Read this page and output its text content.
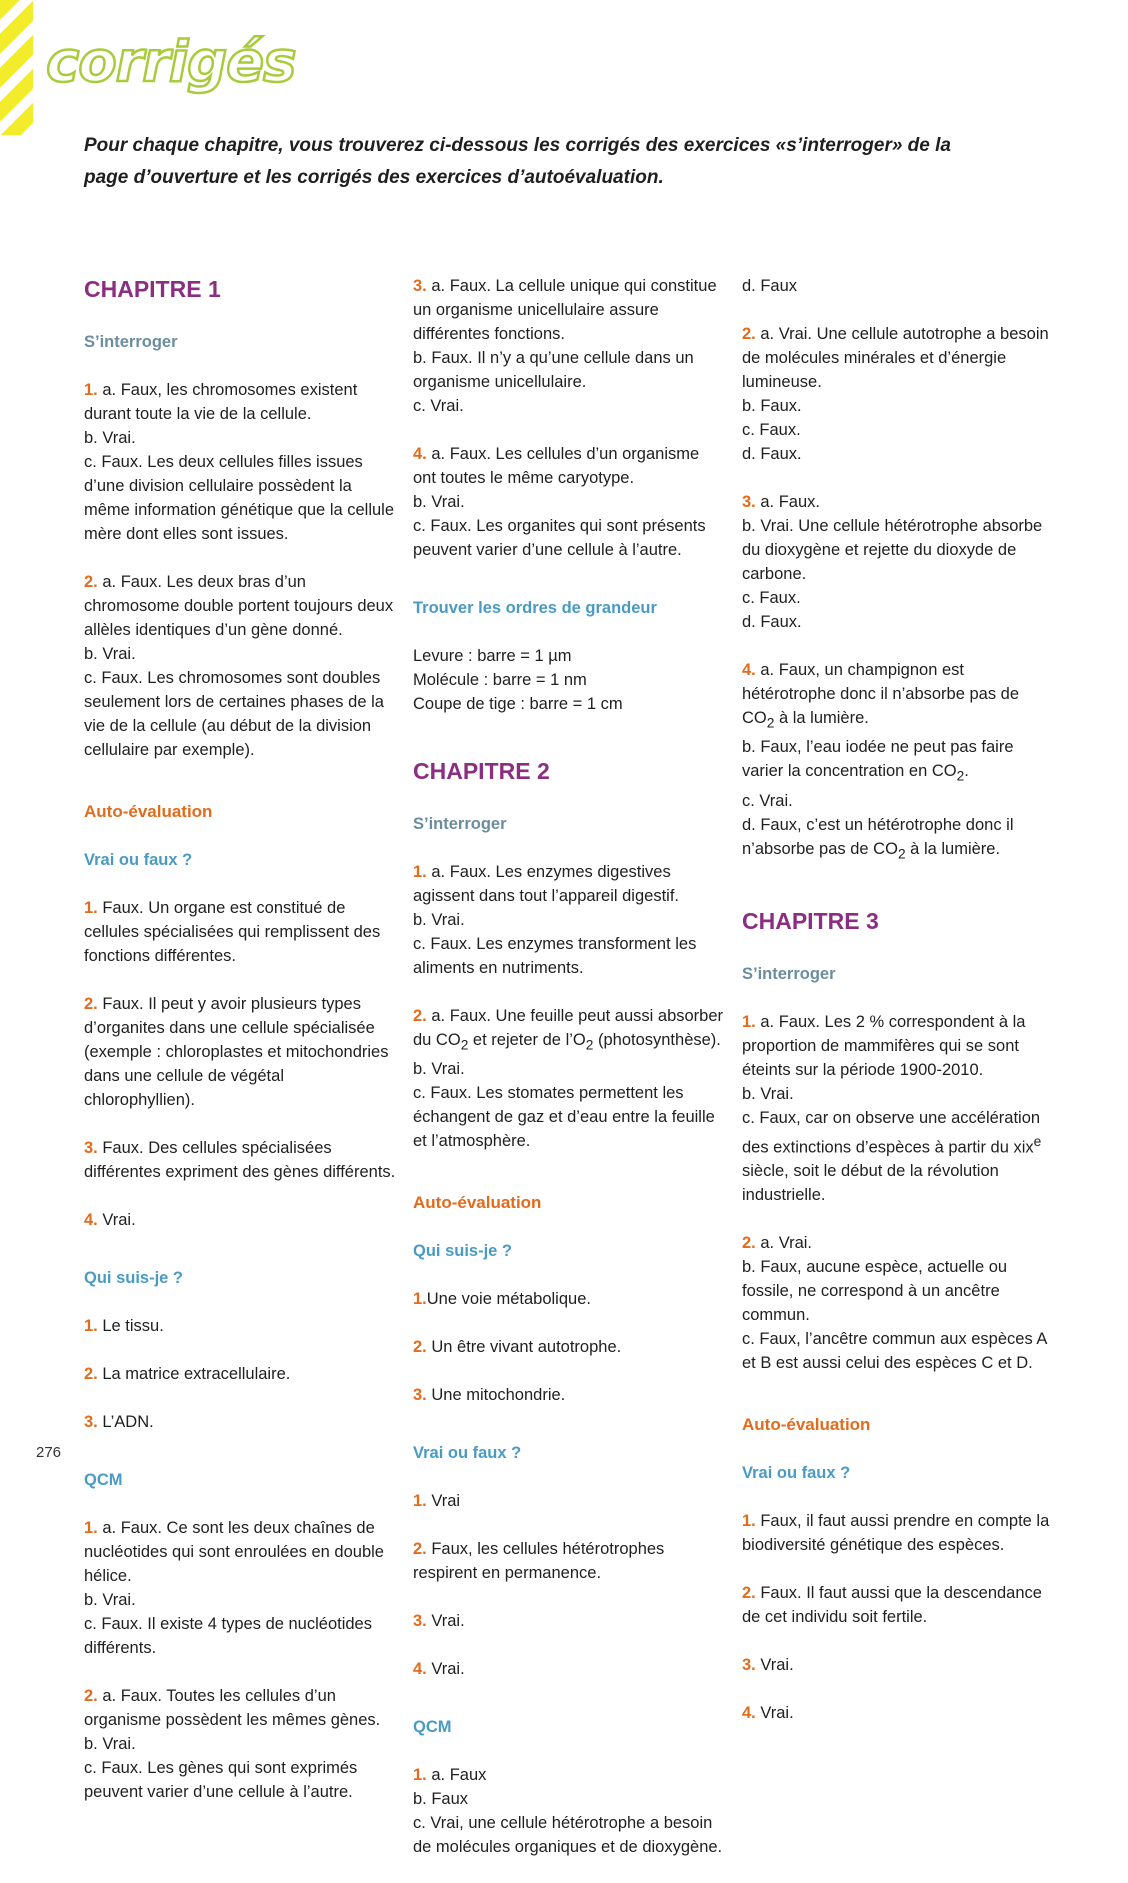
corrigés

Pour chaque chapitre, vous trouverez ci-dessous les corrigés des exercices «s’interroger» de la page d’ouverture et les corrigés des exercices d’autoévaluation.

CHAPITRE 1

S’interroger

1. a. Faux, les chromosomes existent durant toute la vie de la cellule.
b. Vrai.
c. Faux. Les deux cellules filles issues d’une division cellulaire possèdent la même information génétique que la cellule mère dont elles sont issues.

2. a. Faux. Les deux bras d’un chromosome double portent toujours deux allèles identiques d’un gène donné.
b. Vrai.
c. Faux. Les chromosomes sont doubles seulement lors de certaines phases de la vie de la cellule (au début de la division cellulaire par exemple).

Auto-évaluation

Vrai ou faux ?

1. Faux. Un organe est constitué de cellules spécialisées qui remplissent des fonctions différentes.

2. Faux. Il peut y avoir plusieurs types d’organites dans une cellule spécialisée (exemple : chloroplastes et mitochondries dans une cellule de végétal chlorophyllien).

3. Faux. Des cellules spécialisées différentes expriment des gènes différents.

4. Vrai.

Qui suis-je ?

1. Le tissu.

2. La matrice extracellulaire.

3. L’ADN.

QCM

1. a. Faux. Ce sont les deux chaînes de nucléotides qui sont enroulées en double hélice.
b. Vrai.
c. Faux. Il existe 4 types de nucléotides différents.

2. a. Faux. Toutes les cellules d’un organisme possèdent les mêmes gènes.
b. Vrai.
c. Faux. Les gènes qui sont exprimés peuvent varier d’une cellule à l’autre.

3. a. Faux. La cellule unique qui constitue un organisme unicellulaire assure différentes fonctions.
b. Faux. Il n’y a qu’une cellule dans un organisme unicellulaire.
c. Vrai.

4. a. Faux. Les cellules d’un organisme ont toutes le même caryotype.
b. Vrai.
c. Faux. Les organites qui sont présents peuvent varier d’une cellule à l’autre.

Trouver les ordres de grandeur

Levure : barre = 1 µm
Molécule : barre = 1 nm
Coupe de tige : barre = 1 cm

CHAPITRE 2

S’interroger

1. a. Faux. Les enzymes digestives agissent dans tout l’appareil digestif.
b. Vrai.
c. Faux. Les enzymes transforment les aliments en nutriments.

2. a. Faux. Une feuille peut aussi absorber du $CO_2$ et rejeter de $l’O_2$ (photosynthèse).
b. Vrai.
c. Faux. Les stomates permettent les échangent de gaz et d’eau entre la feuille et l’atmosphère.

Auto-évaluation

Qui suis-je ?

1.Une voie métabolique.

2. Un être vivant autotrophe.

3. Une mitochondrie.

Vrai ou faux ?

1. Vrai

2. Faux, les cellules hétérotrophes respirent en permanence.

3. Vrai.

4. Vrai.

QCM

1. a. Faux
b. Faux
c. Vrai, une cellule hétérotrophe a besoin de molécules organiques et de dioxygène.

d. Faux

2. a. Vrai. Une cellule autotrophe a besoin de molécules minérales et d’énergie lumineuse.
b. Faux.
c. Faux.
d. Faux.

3. a. Faux.
b. Vrai. Une cellule hétérotrophe absorbe du dioxygène et rejette du dioxyde de carbone.
c. Faux.
d. Faux.

4. a. Faux, un champignon est hétérotrophe donc il n’absorbe pas de $CO_2$ à la lumière.
b. Faux, l’eau iodée ne peut pas faire varier la concentration en $CO_2$.
c. Vrai.
d. Faux, c’est un hétérotrophe donc il n’absorbe pas de $CO_2$ à la lumière.

CHAPITRE 3

S’interroger

1. a. Faux. Les 2 % correspondent à la proportion de mammifères qui se sont éteints sur la période 1900-2010.
b. Vrai.
c. Faux, car on observe une accélération des extinctions d’espèces à partir du xix$^e$ siècle, soit le début de la révolution industrielle.

2. a. Vrai.
b. Faux, aucune espèce, actuelle ou fossile, ne correspond à un ancêtre commun.
c. Faux, l’ancêtre commun aux espèces A et B est aussi celui des espèces C et D.

Auto-évaluation

Vrai ou faux ?

1. Faux, il faut aussi prendre en compte la biodiversité génétique des espèces.

2. Faux. Il faut aussi que la descendance de cet individu soit fertile.

3. Vrai.

4. Vrai.

276
